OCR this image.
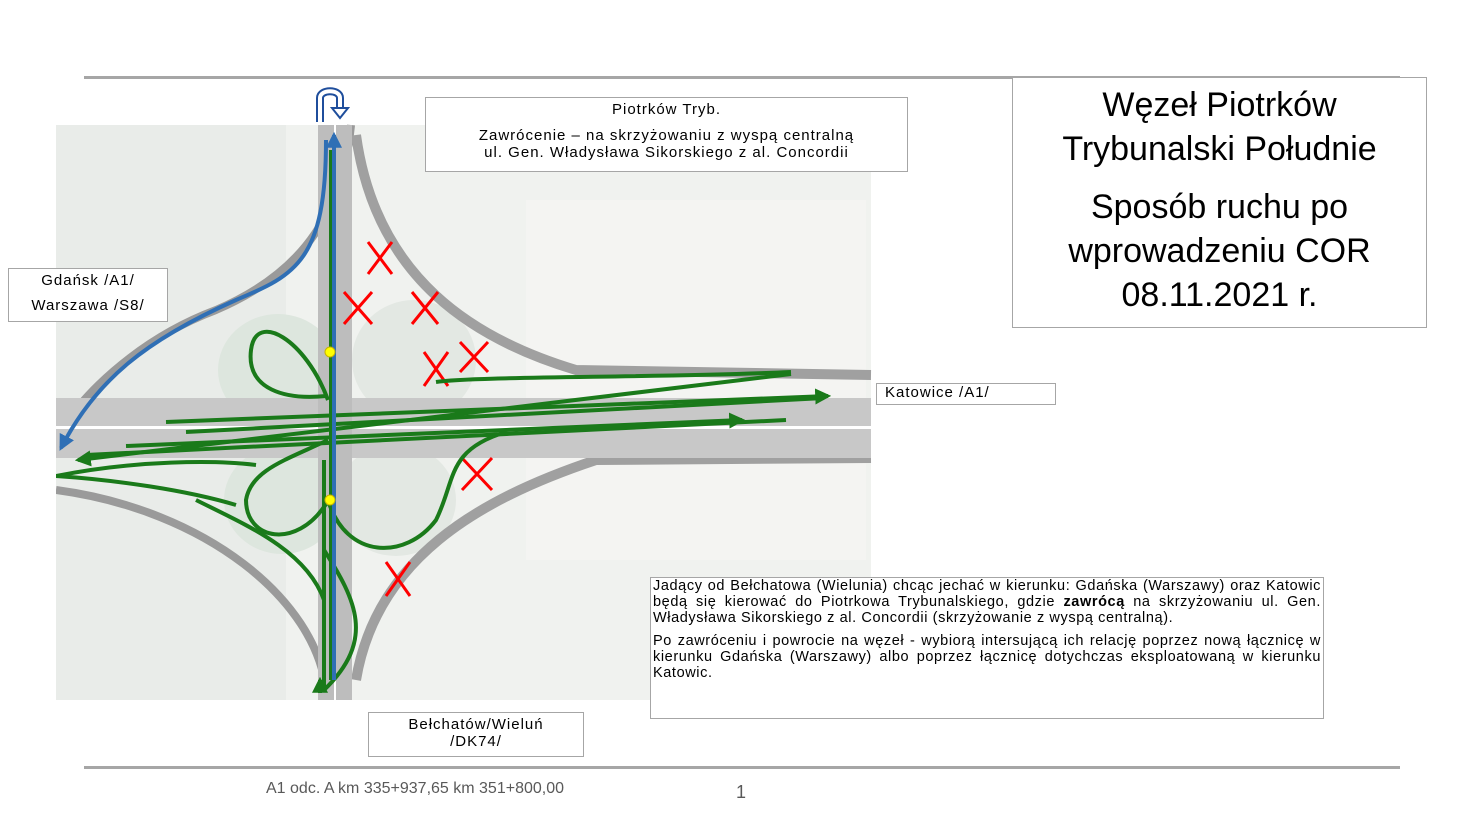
Węzeł Piotrków
Trybunalski Południe
Sposób ruchu po
wprowadzeniu COR
08.11.2021 r.
Piotrków Tryb.
Zawrócenie – na skrzyżowaniu z wyspą centralną
ul. Gen. Władysława Sikorskiego z al. Concordii
Gdańsk /A1/
Warszawa /S8/
Katowice /A1/
Bełchatów/Wieluń
/DK74/

Jadący od Bełchatowa (Wielunia) chcąc jechać w kierunku: Gdańska (Warszawy) oraz Katowic będą się kierować do Piotrkowa Trybunalskiego, gdzie zawrócą na skrzyżowaniu ul. Gen. Władysława Sikorskiego z al. Concordii (skrzyżowanie z wyspą centralną).

Po zawróceniu i powrocie na węzeł - wybiorą intersującą ich relację poprzez nową łącznicę w kierunku Gdańska (Warszawy) albo poprzez łącznicę dotychczas eksploatowaną w kierunku Katowic.

A1 odc. A km 335+937,65 km 351+800,00	1
